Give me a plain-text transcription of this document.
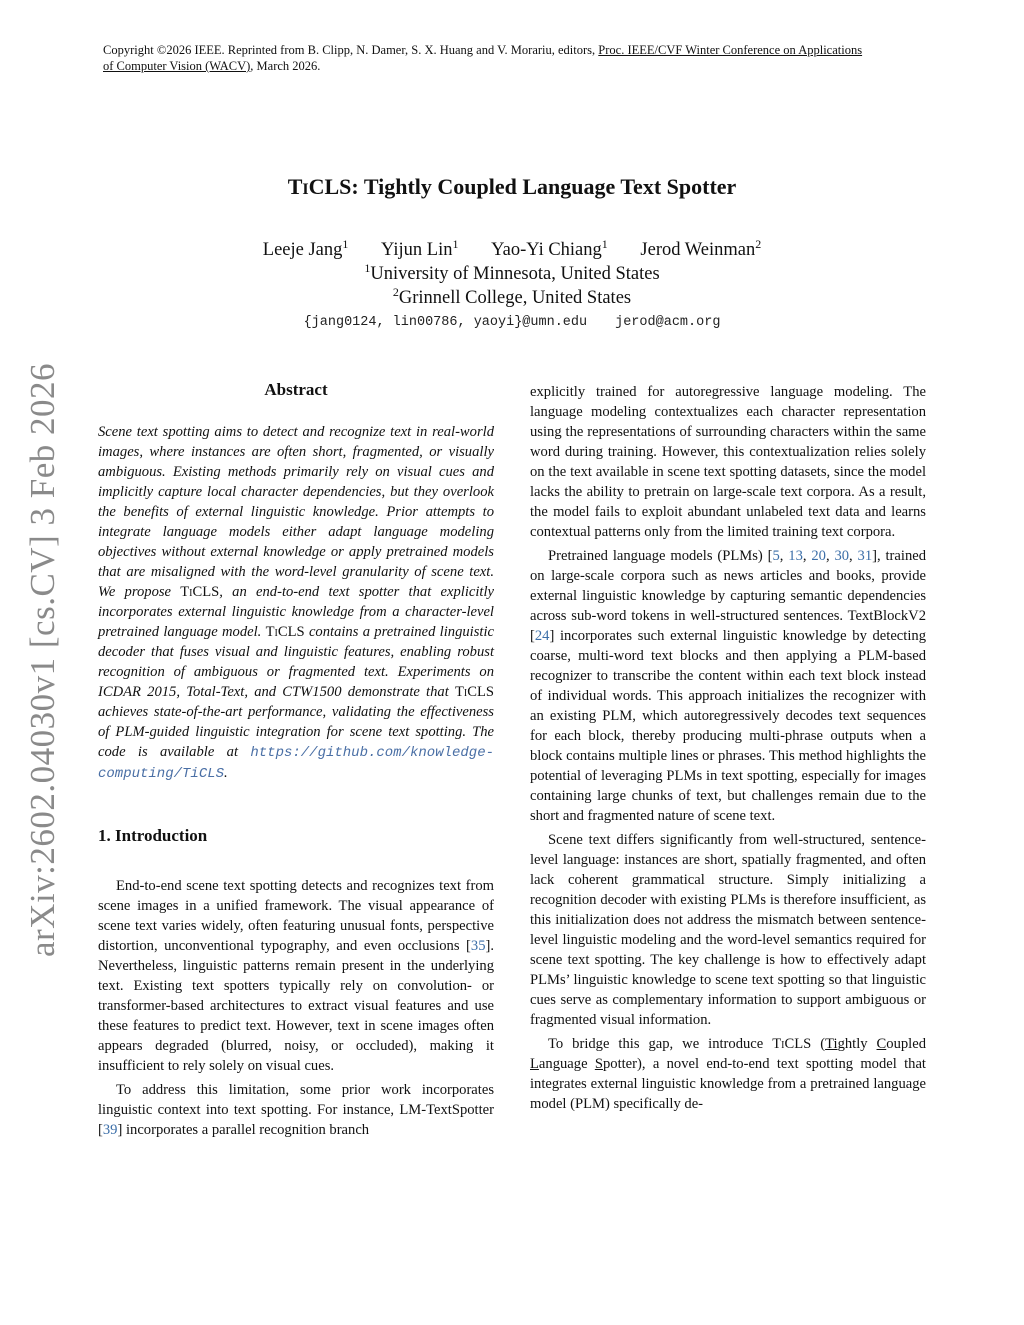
Copyright ©2026 IEEE. Reprinted from B. Clipp, N. Damer, S. X. Huang and V. Morariu, editors, Proc. IEEE/CVF Winter Conference on Applications
of Computer Vision (WACV), March 2026.
arXiv:2602.04030v1 [cs.CV] 3 Feb 2026
TICLS: Tightly Coupled Language Text Spotter
Leeje Jang$^1$ Yijun Lin$^1$ Yao-Yi Chiang$^1$ Jerod Weinman$^2$
$^1$University of Minnesota, United States
$^2$Grinnell College, United States
{jang0124, lin00786, yaoyi}@umn.edu jerod@acm.org
Abstract

Scene text spotting aims to detect and recognize text in real-world images, where instances are often short, fragmented, or visually ambiguous. Existing methods primarily rely on visual cues and implicitly capture local character dependencies, but they overlook the benefits of external linguistic knowledge. Prior attempts to integrate language models either adapt language modeling objectives without external knowledge or apply pretrained models that are misaligned with the word-level granularity of scene text. We propose TiCLS, an end-to-end text spotter that explicitly incorporates external linguistic knowledge from a character-level pretrained language model. TiCLS contains a pretrained linguistic decoder that fuses visual and linguistic features, enabling robust recognition of ambiguous or fragmented text. Experiments on ICDAR 2015, Total-Text, and CTW1500 demonstrate that TiCLS achieves state-of-the-art performance, validating the effectiveness of PLM-guided linguistic integration for scene text spotting. The code is available at https://github.com/knowledge-computing/TiCLS.

1. Introduction

End-to-end scene text spotting detects and recognizes text from scene images in a unified framework. The visual appearance of scene text varies widely, often featuring unusual fonts, perspective distortion, unconventional typography, and even occlusions [35]. Nevertheless, linguistic patterns remain present in the underlying text. Existing text spotters typically rely on convolution- or transformer-based architectures to extract visual features and use these features to predict text. However, text in scene images often appears degraded (blurred, noisy, or occluded), making it insufficient to rely solely on visual cues.

To address this limitation, some prior work incorporates linguistic context into text spotting. For instance, LM-TextSpotter [39] incorporates a parallel recognition branch

explicitly trained for autoregressive language modeling. The language modeling contextualizes each character representation using the representations of surrounding characters within the same word during training. However, this contextualization relies solely on the text available in scene text spotting datasets, since the model lacks the ability to pretrain on large-scale text corpora. As a result, the model fails to exploit abundant unlabeled text data and learns contextual patterns only from the limited training text corpora.

Pretrained language models (PLMs) [5, 13, 20, 30, 31], trained on large-scale corpora such as news articles and books, provide external linguistic knowledge by capturing semantic dependencies across sub-word tokens in well-structured sentences. TextBlockV2 [24] incorporates such external linguistic knowledge by detecting coarse, multi-word text blocks and then applying a PLM-based recognizer to transcribe the content within each text block instead of individual words. This approach initializes the recognizer with an existing PLM, which autoregressively decodes text sequences for each block, thereby producing multi-phrase outputs when a block contains multiple lines or phrases. This method highlights the potential of leveraging PLMs in text spotting, especially for images containing large chunks of text, but challenges remain due to the short and fragmented nature of scene text.

Scene text differs significantly from well-structured, sentence-level language: instances are short, spatially fragmented, and often lack coherent grammatical structure. Simply initializing a recognition decoder with existing PLMs is therefore insufficient, as this initialization does not address the mismatch between sentence-level linguistic modeling and the word-level semantics required for scene text spotting. The key challenge is how to effectively adapt PLMs’ linguistic knowledge to scene text spotting so that linguistic cues serve as complementary information to support ambiguous or fragmented visual information.

To bridge this gap, we introduce TiCLS (Tightly Coupled Language Spotter), a novel end-to-end text spotting model that integrates external linguistic knowledge from a pretrained language model (PLM) specifically de-
